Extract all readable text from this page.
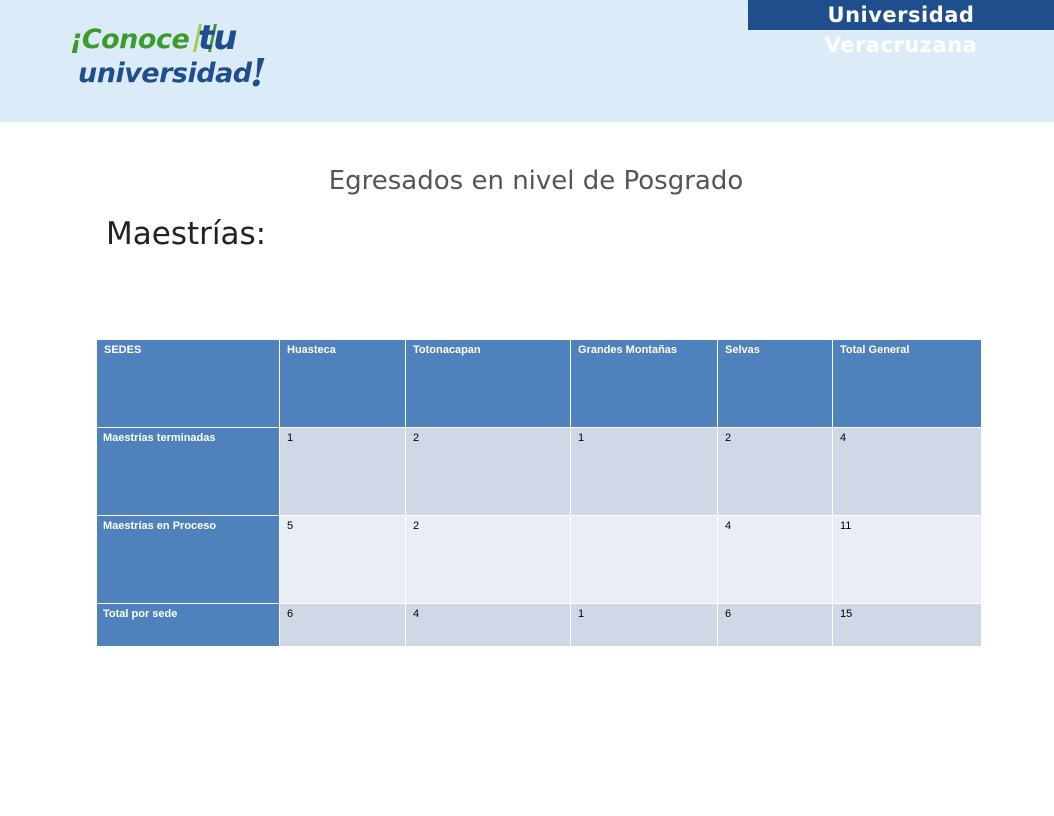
Universidad Veracruzana
¡Conoce tu
universidad
!
Egresados en nivel de Posgrado
Maestrías:
SEDES	Huasteca	Totonacapan	Grandes Montañas	Selvas	Total General
Maestrías terminadas	1	2	1	2	4
Maestrías en Proceso	5	2		4	11
Total por sede	6	4	1	6	15
